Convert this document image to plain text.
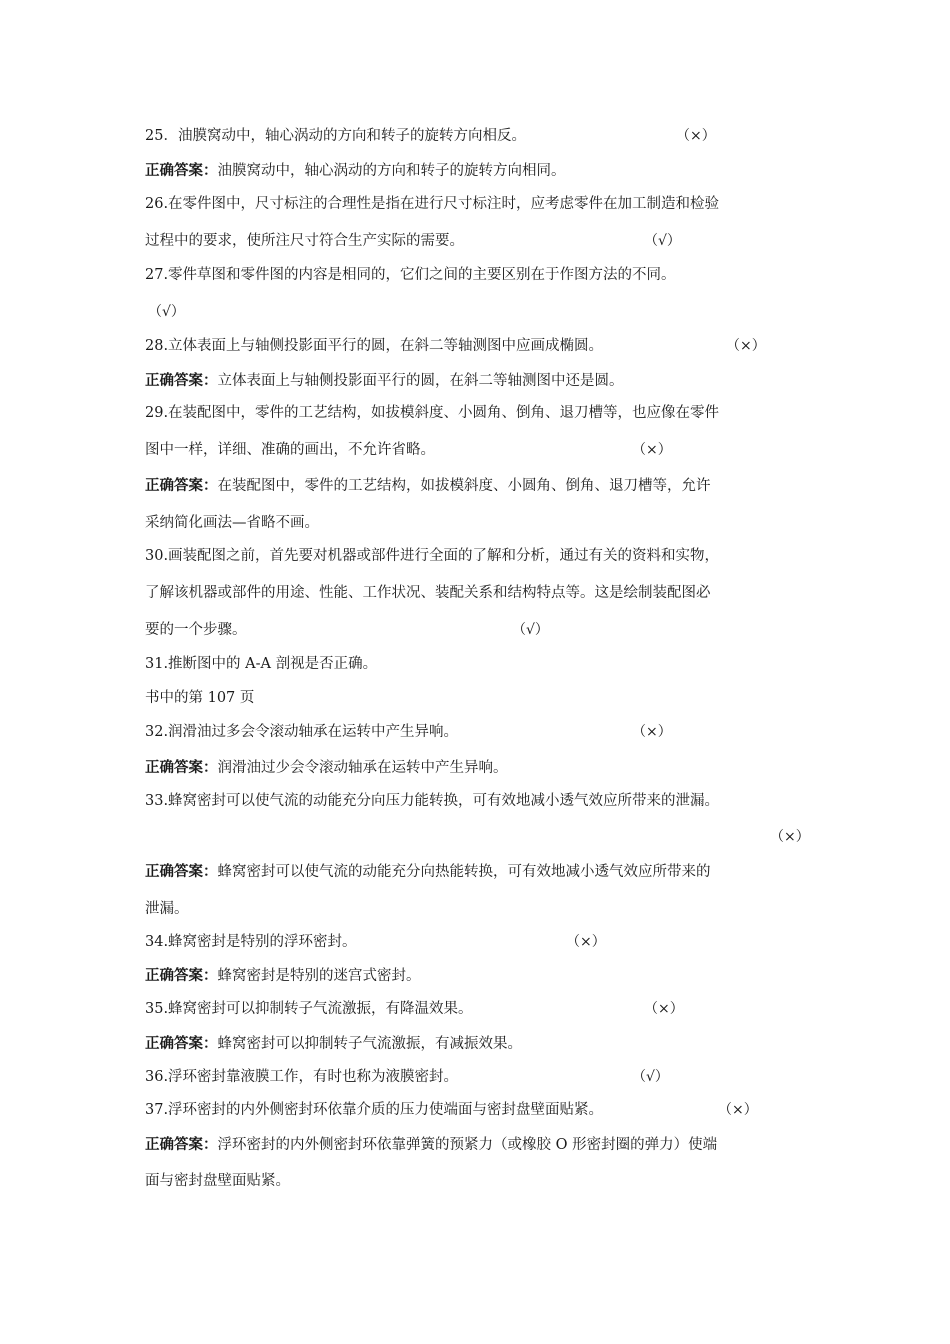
25．油膜窝动中，轴心涡动的方向和转子的旋转方向相反。	（×）
正确答案：油膜窝动中，轴心涡动的方向和转子的旋转方向相同。
26.在零件图中，尺寸标注的合理性是指在进行尺寸标注时，应考虑零件在加工制造和检验
过程中的要求，使所注尺寸符合生产实际的需要。	（√）
27.零件草图和零件图的内容是相同的，它们之间的主要区别在于作图方法的不同。
（√）
28.立体表面上与轴侧投影面平行的圆，在斜二等轴测图中应画成椭圆。	（×）
正确答案：立体表面上与轴侧投影面平行的圆，在斜二等轴测图中还是圆。
29.在装配图中，零件的工艺结构，如拔模斜度、小圆角、倒角、退刀槽等，也应像在零件
图中一样，详细、准确的画出，不允许省略。	（×）
正确答案：在装配图中，零件的工艺结构，如拔模斜度、小圆角、倒角、退刀槽等，允许
采纳简化画法—省略不画。
30.画装配图之前，首先要对机器或部件进行全面的了解和分析，通过有关的资料和实物，
了解该机器或部件的用途、性能、工作状况、装配关系和结构特点等。这是绘制装配图必
要的一个步骤。	（√）
31.推断图中的 A-A 剖视是否正确。
书中的第 107 页
32.润滑油过多会令滚动轴承在运转中产生异响。	（×）
正确答案：润滑油过少会令滚动轴承在运转中产生异响。
33.蜂窝密封可以使气流的动能充分向压力能转换，可有效地减小透气效应所带来的泄漏。
（×）
正确答案：蜂窝密封可以使气流的动能充分向热能转换，可有效地减小透气效应所带来的
泄漏。
34.蜂窝密封是特别的浮环密封。	（×）
正确答案：蜂窝密封是特别的迷宫式密封。
35.蜂窝密封可以抑制转子气流激振，有降温效果。	（×）
正确答案：蜂窝密封可以抑制转子气流激振，有减振效果。
36.浮环密封靠液膜工作，有时也称为液膜密封。	（√）
37.浮环密封的内外侧密封环依靠介质的压力使端面与密封盘壁面贴紧。	（×）
正确答案：浮环密封的内外侧密封环依靠弹簧的预紧力（或橡胶 O 形密封圈的弹力）使端
面与密封盘壁面贴紧。
